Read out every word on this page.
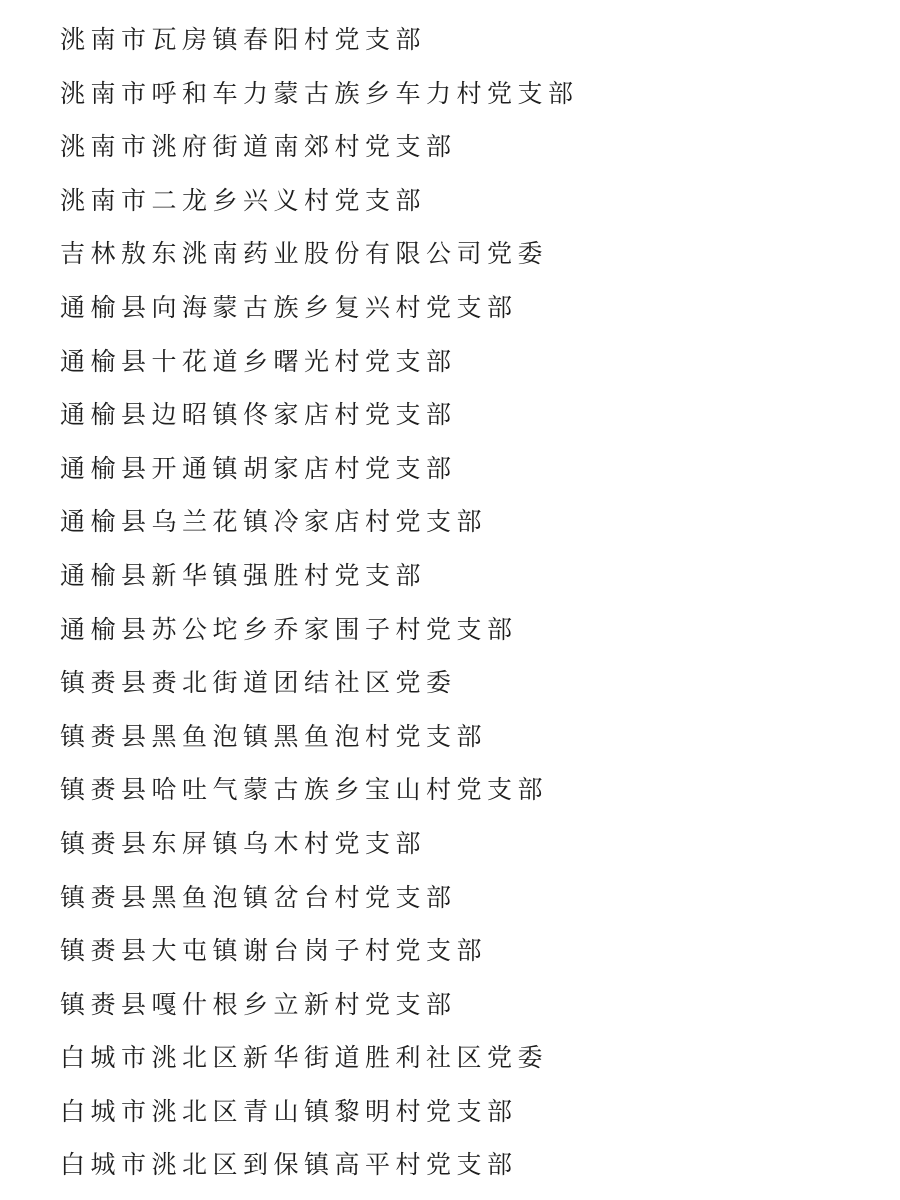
洮南市瓦房镇春阳村党支部
洮南市呼和车力蒙古族乡车力村党支部
洮南市洮府街道南郊村党支部
洮南市二龙乡兴义村党支部
吉林敖东洮南药业股份有限公司党委
通榆县向海蒙古族乡复兴村党支部
通榆县十花道乡曙光村党支部
通榆县边昭镇佟家店村党支部
通榆县开通镇胡家店村党支部
通榆县乌兰花镇冷家店村党支部
通榆县新华镇强胜村党支部
通榆县苏公坨乡乔家围子村党支部
镇赉县赉北街道团结社区党委
镇赉县黑鱼泡镇黑鱼泡村党支部
镇赉县哈吐气蒙古族乡宝山村党支部
镇赉县东屏镇乌木村党支部
镇赉县黑鱼泡镇岔台村党支部
镇赉县大屯镇谢台岗子村党支部
镇赉县嘎什根乡立新村党支部
白城市洮北区新华街道胜利社区党委
白城市洮北区青山镇黎明村党支部
白城市洮北区到保镇高平村党支部
